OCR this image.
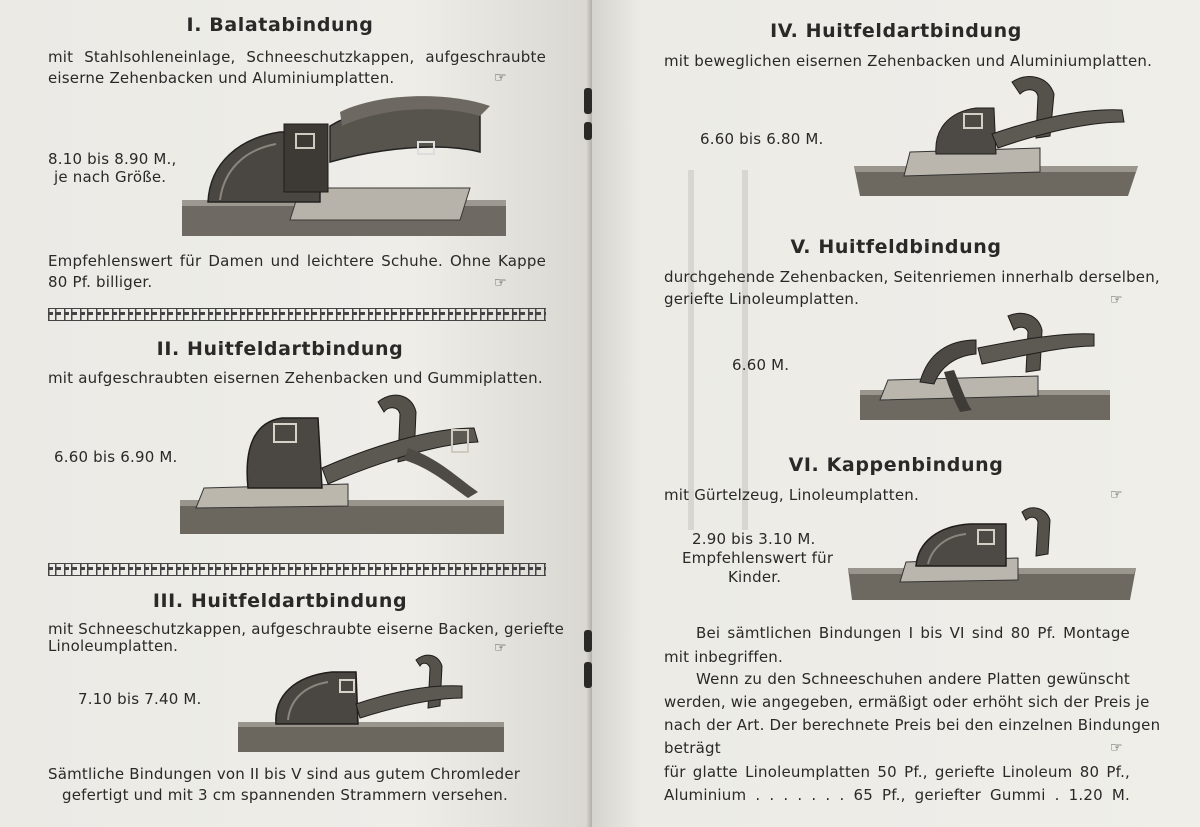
I. Balatabindung
mit Stahlsohleneinlage, Schneeschutzkappen, aufgeschraubte
eiserne Zehenbacken und Aluminiumplatten.	☞
8.10 bis 8.90 M.,
je nach Größe.
Empfehlenswert für Damen und leichtere Schuhe. Ohne Kappe
80 Pf. billiger.	☞
II. Huitfeldartbindung
mit aufgeschraubten eisernen Zehenbacken und Gummiplatten.
6.60 bis 6.90 M.
III. Huitfeldartbindung
mit Schneeschutzkappen, aufgeschraubte eiserne Backen, geriefte
Linoleumplatten.	☞
7.10 bis 7.40 M.
Sämtliche Bindungen von II bis V sind aus gutem Chromleder
gefertigt und mit 3 cm spannenden Strammern versehen.
IV. Huitfeldartbindung
mit beweglichen eisernen Zehenbacken und Aluminiumplatten.
6.60 bis 6.80 M.
V. Huitfeldbindung
durchgehende Zehenbacken, Seitenriemen innerhalb derselben,
geriefte Linoleumplatten.	☞
6.60 M.
VI. Kappenbindung
mit Gürtelzeug, Linoleumplatten.	☞
2.90 bis 3.10 M.
Empfehlenswert für
Kinder.
Bei sämtlichen Bindungen I bis VI sind 80 Pf. Montage
mit inbegriffen.
Wenn zu den Schneeschuhen andere Platten gewünscht
werden, wie angegeben, ermäßigt oder erhöht sich der Preis je
nach der Art. Der berechnete Preis bei den einzelnen Bindungen
beträgt	☞
für glatte Linoleumplatten 50 Pf., geriefte Linoleum 80 Pf.,
Aluminium . . . . . . . 65 Pf., geriefter Gummi . 1.20 M.
